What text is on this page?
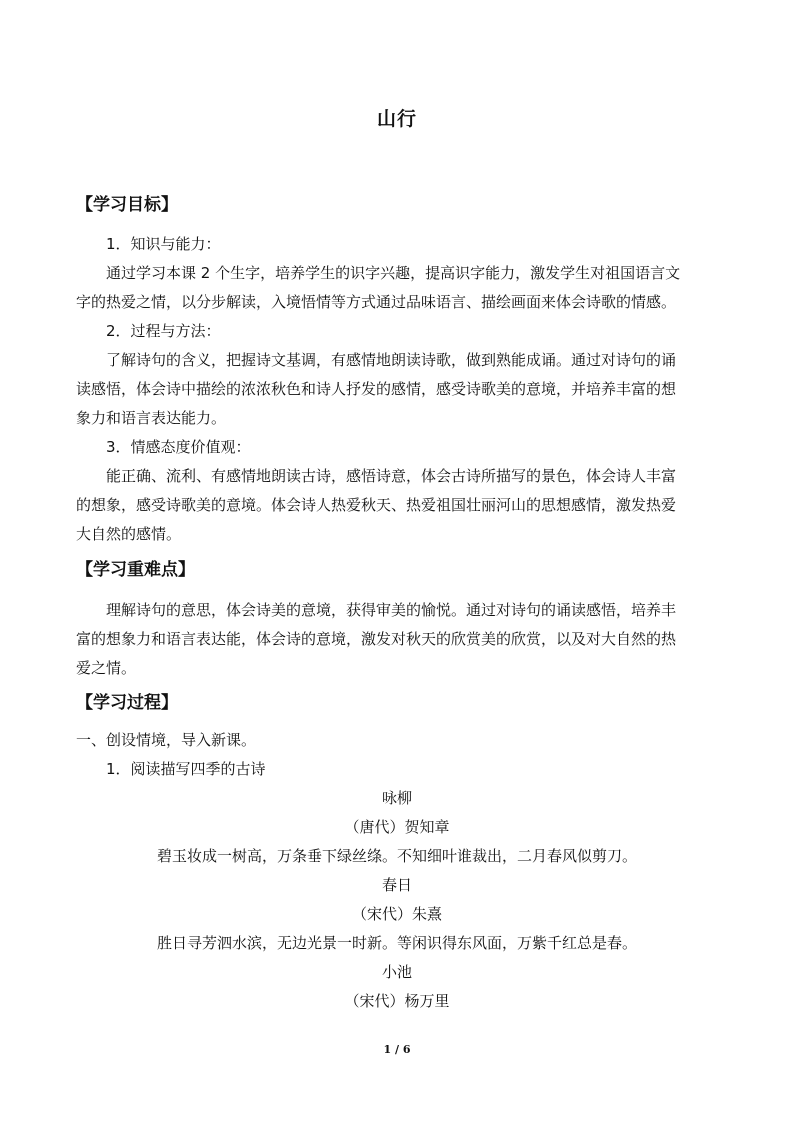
山行
【学习目标】
1．知识与能力：
通过学习本课 2 个生字，培养学生的识字兴趣，提高识字能力，激发学生对祖国语言文
字的热爱之情，以分步解读，入境悟情等方式通过品味语言、描绘画面来体会诗歌的情感。
2．过程与方法：
了解诗句的含义，把握诗文基调，有感情地朗读诗歌，做到熟能成诵。通过对诗句的诵
读感悟，体会诗中描绘的浓浓秋色和诗人抒发的感情，感受诗歌美的意境，并培养丰富的想
象力和语言表达能力。
3．情感态度价值观：
能正确、流利、有感情地朗读古诗，感悟诗意，体会古诗所描写的景色，体会诗人丰富
的想象，感受诗歌美的意境。体会诗人热爱秋天、热爱祖国壮丽河山的思想感情，激发热爱
大自然的感情。
【学习重难点】
理解诗句的意思，体会诗美的意境，获得审美的愉悦。通过对诗句的诵读感悟，培养丰
富的想象力和语言表达能，体会诗的意境，激发对秋天的欣赏美的欣赏，以及对大自然的热
爱之情。
【学习过程】
一、创设情境，导入新课。
1．阅读描写四季的古诗
咏柳
（唐代）贺知章
碧玉妆成一树高，万条垂下绿丝绦。不知细叶谁裁出，二月春风似剪刀。
春日
（宋代）朱熹
胜日寻芳泗水滨，无边光景一时新。等闲识得东风面，万紫千红总是春。
小池
（宋代）杨万里
1 / 6
